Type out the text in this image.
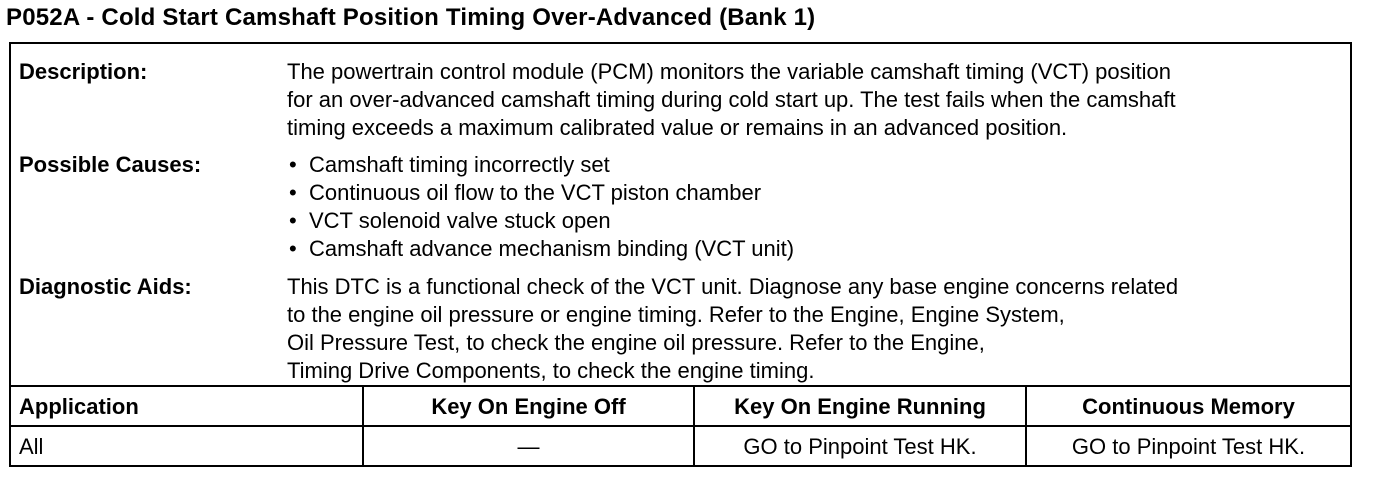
P052A - Cold Start Camshaft Position Timing Over-Advanced (Bank 1)
Description:	The powertrain control module (PCM) monitors the variable camshaft timing (VCT) position
for an over-advanced camshaft timing during cold start up. The test fails when the camshaft
timing exceeds a maximum calibrated value or remains in an advanced position.
Possible Causes:
•	Camshaft timing incorrectly set
• Continuous oil flow to the VCT piston chamber
• VCT solenoid valve stuck open
• Camshaft advance mechanism binding (VCT unit)
Diagnostic Aids:	This DTC is a functional check of the VCT unit. Diagnose any base engine concerns related
to the engine oil pressure or engine timing. Refer to the Engine, Engine System,
Oil Pressure Test, to check the engine oil pressure. Refer to the Engine,
Timing Drive Components, to check the engine timing.
Application	Key On Engine Off	Key On Engine Running	Continuous Memory
All	—	GO to Pinpoint Test HK.	GO to Pinpoint Test HK.
